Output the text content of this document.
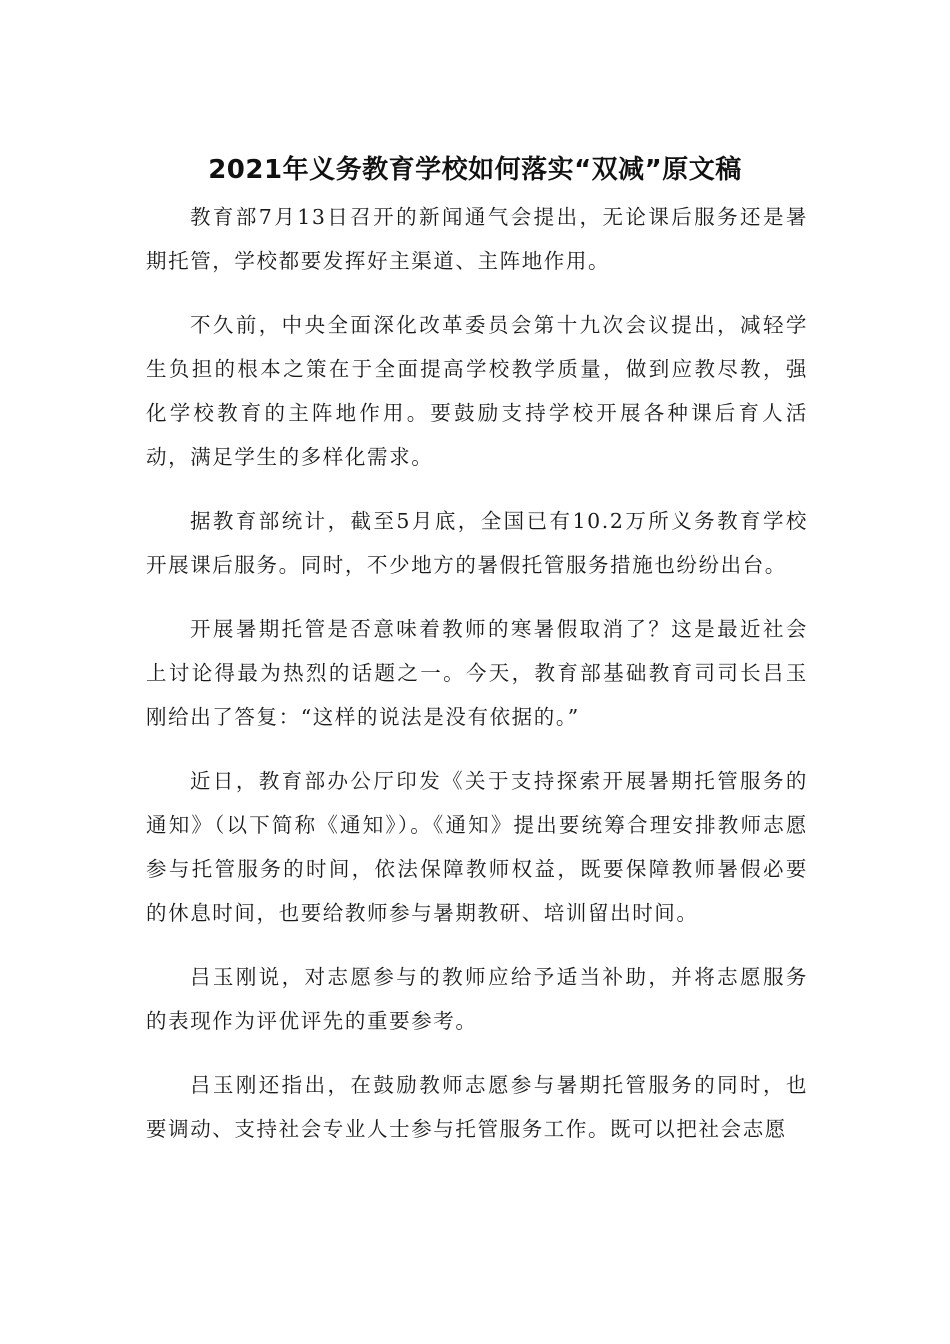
2021年义务教育学校如何落实“双减”原文稿

教育部7月13日召开的新闻通气会提出，无论课后服务还是暑期托管，学校都要发挥好主渠道、主阵地作用。

不久前，中央全面深化改革委员会第十九次会议提出，减轻学生负担的根本之策在于全面提高学校教学质量，做到应教尽教，强化学校教育的主阵地作用。要鼓励支持学校开展各种课后育人活动，满足学生的多样化需求。

据教育部统计，截至5月底，全国已有10.2万所义务教育学校开展课后服务。同时，不少地方的暑假托管服务措施也纷纷出台。

开展暑期托管是否意味着教师的寒暑假取消了？这是最近社会上讨论得最为热烈的话题之一。今天，教育部基础教育司司长吕玉刚给出了答复：“这样的说法是没有依据的。”

近日，教育部办公厅印发《关于支持探索开展暑期托管服务的通知》（以下简称《通知》）。《通知》提出要统筹合理安排教师志愿参与托管服务的时间，依法保障教师权益，既要保障教师暑假必要的休息时间，也要给教师参与暑期教研、培训留出时间。

吕玉刚说，对志愿参与的教师应给予适当补助，并将志愿服务的表现作为评优评先的重要参考。

吕玉刚还指出，在鼓励教师志愿参与暑期托管服务的同时，也要调动、支持社会专业人士参与托管服务工作。既可以把社会志愿
